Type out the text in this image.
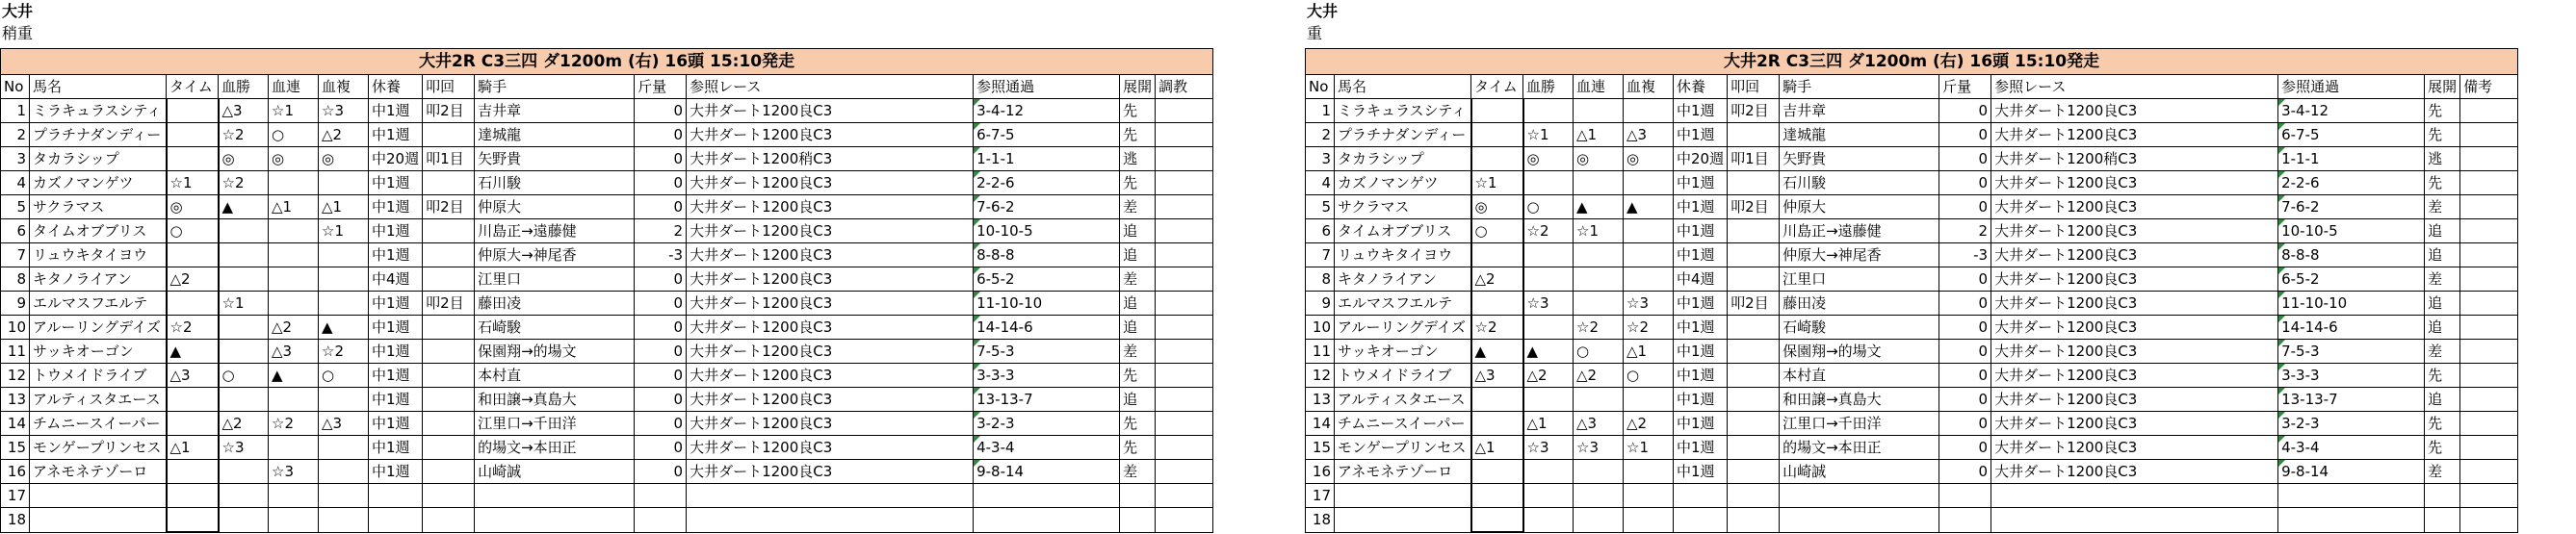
大井
稍重
大井
重
大井2R C3三四 ダ1200m (右) 16頭 15:10発走													
No	馬名	タイム	血勝	血連	血複	休養	叩回	騎手	斤量	参照レース	参照通過	展開	調教
1	ミラキュラスシティ		△3	☆1	☆3	中1週	叩2目	吉井章	0	大井ダート1200良C3	3-4-12	先	
2	プラチナダンディー		☆2	○	△2	中1週		達城龍	0	大井ダート1200良C3	6-7-5	先	
3	タカラシップ		◎	◎	◎	中20週	叩1目	矢野貴	0	大井ダート1200稍C3	1-1-1	逃	
4	カズノマンゲツ	☆1	☆2			中1週		石川駿	0	大井ダート1200良C3	2-2-6	先	
5	サクラマス	◎	▲	△1	△1	中1週	叩2目	仲原大	0	大井ダート1200良C3	7-6-2	差	
6	タイムオブブリス	○			☆1	中1週		川島正→遠藤健	2	大井ダート1200良C3	10-10-5	追	
7	リュウキタイヨウ					中1週		仲原大→神尾香	-3	大井ダート1200良C3	8-8-8	追	
8	キタノライアン	△2				中4週		江里口	0	大井ダート1200良C3	6-5-2	差	
9	エルマスフエルテ		☆1			中1週	叩2目	藤田凌	0	大井ダート1200良C3	11-10-10	追	
10	アルーリングデイズ	☆2		△2	▲	中1週		石崎駿	0	大井ダート1200良C3	14-14-6	追	
11	サッキオーゴン	▲		△3	☆2	中1週		保園翔→的場文	0	大井ダート1200良C3	7-5-3	差	
12	トウメイドライブ	△3	○	▲	○	中1週		本村直	0	大井ダート1200良C3	3-3-3	先	
13	アルティスタエース					中1週		和田譲→真島大	0	大井ダート1200良C3	13-13-7	追	
14	チムニースイーパー		△2	☆2	△3	中1週		江里口→千田洋	0	大井ダート1200良C3	3-2-3	先	
15	モンゲープリンセス	△1	☆3			中1週		的場文→本田正	0	大井ダート1200良C3	4-3-4	先	
16	アネモネテゾーロ			☆3		中1週		山崎誠	0	大井ダート1200良C3	9-8-14	差	
17													
18													
大井2R C3三四 ダ1200m (右) 16頭 15:10発走													
No	馬名	タイム	血勝	血連	血複	休養	叩回	騎手	斤量	参照レース	参照通過	展開	備考
1	ミラキュラスシティ					中1週	叩2目	吉井章	0	大井ダート1200良C3	3-4-12	先	
2	プラチナダンディー		☆1	△1	△3	中1週		達城龍	0	大井ダート1200良C3	6-7-5	先	
3	タカラシップ		◎	◎	◎	中20週	叩1目	矢野貴	0	大井ダート1200稍C3	1-1-1	逃	
4	カズノマンゲツ	☆1				中1週		石川駿	0	大井ダート1200良C3	2-2-6	先	
5	サクラマス	◎	○	▲	▲	中1週	叩2目	仲原大	0	大井ダート1200良C3	7-6-2	差	
6	タイムオブブリス	○	☆2	☆1		中1週		川島正→遠藤健	2	大井ダート1200良C3	10-10-5	追	
7	リュウキタイヨウ					中1週		仲原大→神尾香	-3	大井ダート1200良C3	8-8-8	追	
8	キタノライアン	△2				中4週		江里口	0	大井ダート1200良C3	6-5-2	差	
9	エルマスフエルテ		☆3		☆3	中1週	叩2目	藤田凌	0	大井ダート1200良C3	11-10-10	追	
10	アルーリングデイズ	☆2		☆2	☆2	中1週		石崎駿	0	大井ダート1200良C3	14-14-6	追	
11	サッキオーゴン	▲	▲	○	△1	中1週		保園翔→的場文	0	大井ダート1200良C3	7-5-3	差	
12	トウメイドライブ	△3	△2	△2	○	中1週		本村直	0	大井ダート1200良C3	3-3-3	先	
13	アルティスタエース					中1週		和田譲→真島大	0	大井ダート1200良C3	13-13-7	追	
14	チムニースイーパー		△1	△3	△2	中1週		江里口→千田洋	0	大井ダート1200良C3	3-2-3	先	
15	モンゲープリンセス	△1	☆3	☆3	☆1	中1週		的場文→本田正	0	大井ダート1200良C3	4-3-4	先	
16	アネモネテゾーロ					中1週		山崎誠	0	大井ダート1200良C3	9-8-14	差	
17													
18													
